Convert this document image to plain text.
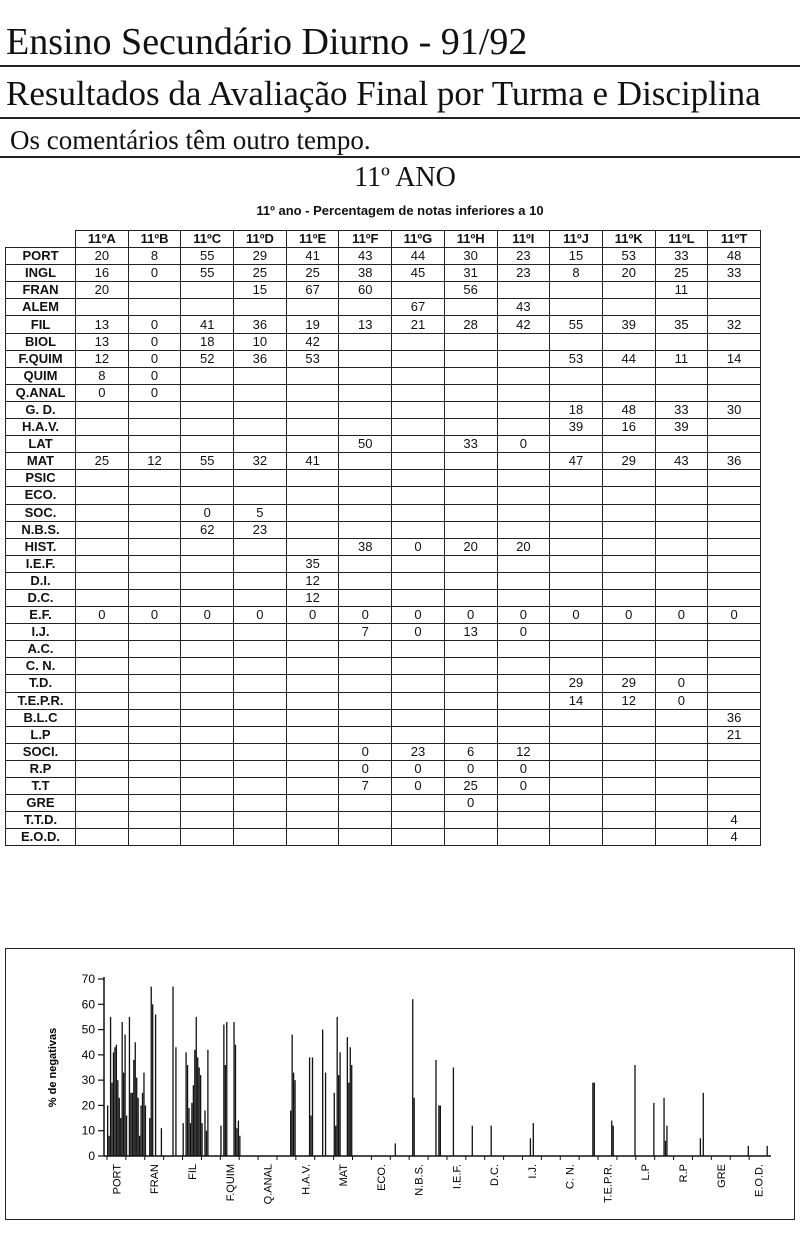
Ensino Secundário Diurno - 91/92
Resultados da Avaliação Final por Turma e Disciplina
Os comentários têm outro tempo.
11º ANO
11º ano - Percentagem de notas inferiores a 10
	11ºA	11ºB	11ºC	11ºD	11ºE	11ºF	11ºG	11ºH	11ºI	11ºJ	11ºK	11ºL	11ºT
PORT	20	8	55	29	41	43	44	30	23	15	53	33	48
INGL	16	0	55	25	25	38	45	31	23	8	20	25	33
FRAN	20			15	67	60		56				11	
ALEM							67		43				
FIL	13	0	41	36	19	13	21	28	42	55	39	35	32
BIOL	13	0	18	10	42								
F.QUIM	12	0	52	36	53					53	44	11	14
QUIM	8	0											
Q.ANAL	0	0											
G. D.										18	48	33	30
H.A.V.										39	16	39	
LAT						50		33	0				
MAT	25	12	55	32	41					47	29	43	36
PSIC													
ECO.													
SOC.			0	5									
N.B.S.			62	23									
HIST.						38	0	20	20				
I.E.F.					35								
D.I.					12								
D.C.					12								
E.F.	0	0	0	0	0	0	0	0	0	0	0	0	0
I.J.						7	0	13	0				
A.C.													
C. N.													
T.D.										29	29	0	
T.E.P.R.										14	12	0	
B.L.C													36
L.P													21
SOCI.						0	23	6	12				
R.P						0	0	0	0				
T.T						7	0	25	0				
GRE								0					
T.T.D.													4
E.O.D.													4
0
10
20
30
40
50
60
70
% de negativas
PORT FRAN FIL F.QUIM Q.ANAL H.A.V. MAT ECO. N.B.S. I.E.F. D.C. I.J. C. N. T.E.P.R. L.P R.P GRE E.O.D.
